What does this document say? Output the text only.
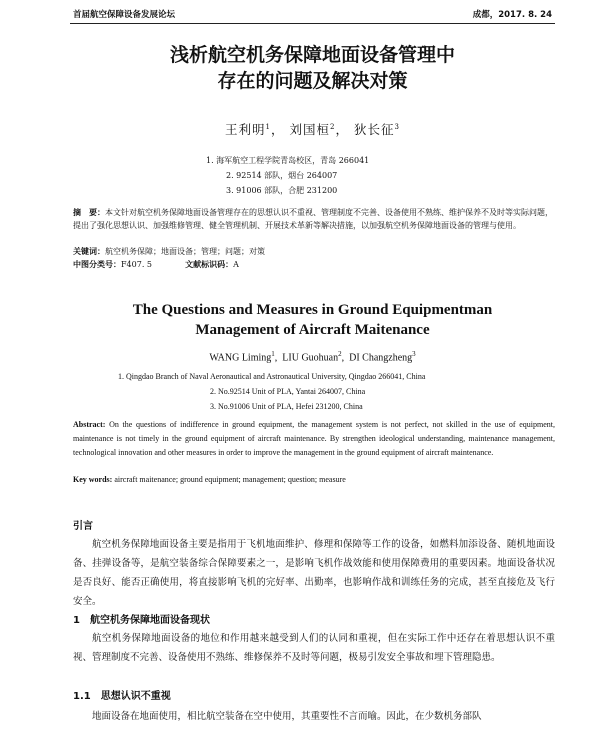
首届航空保障设备发展论坛	成都，2017. 8. 24
浅析航空机务保障地面设备管理中
存在的问题及解决对策
王利明$^1$， 刘国桓$^2$， 狄长征$^3$
1. 海军航空工程学院青岛校区，青岛 266041
2. 92514 部队，烟台 264007
3. 91006 部队，合肥 231200
摘　要：本文针对航空机务保障地面设备管理存在的思想认识不重视、管理制度不完善、设备使用不熟练、维护保养不及时等实际问题，提出了强化思想认识、加强维修管理、健全管理机制、开展技术革新等解决措施，以加强航空机务保障地面设备的管理与使用。
关键词：航空机务保障；地面设备；管理；问题；对策
中图分类号：F407. 5	文献标识码：A
The Questions and Measures in Ground Equipmentman
Management of Aircraft Maitenance
WANG Liming$^1$,  LIU Guohuan$^2$,  DI Changzheng$^3$
1. Qingdao Branch of Naval Aeronautical and Astronautical University, Qingdao 266041, China
2. No.92514 Unit of PLA, Yantai 264007, China
3. No.91006 Unit of PLA, Hefei 231200, China
Abstract: On the questions of indifference in ground equipment, the management system is not perfect, not skilled in the use of equipment, maintenance is not timely in the ground equipment of aircraft maintenance. By strengthen ideological understanding, maintenance management, technological innovation and other measures in order to improve the management in the ground equipment of aircraft maintenance.
Key words: aircraft maitenance; ground equipment; management; question; measure
引言
航空机务保障地面设备主要是指用于飞机地面维护、修理和保障等工作的设备，如燃料加添设备、随机地面设备、挂弹设备等，是航空装备综合保障要素之一，是影响飞机作战效能和使用保障费用的重要因素。地面设备状况是否良好、能否正确使用，将直接影响飞机的完好率、出勤率，也影响作战和训练任务的完成，甚至直接危及飞行安全。
1　航空机务保障地面设备现状
航空机务保障地面设备的地位和作用越来越受到人们的认同和重视，但在实际工作中还存在着思想认识不重视、管理制度不完善、设备使用不熟练、维修保养不及时等问题，极易引发安全事故和埋下管理隐患。
1.1　思想认识不重视
地面设备在地面使用，相比航空装备在空中使用，其重要性不言而喻。因此，在少数机务部队
